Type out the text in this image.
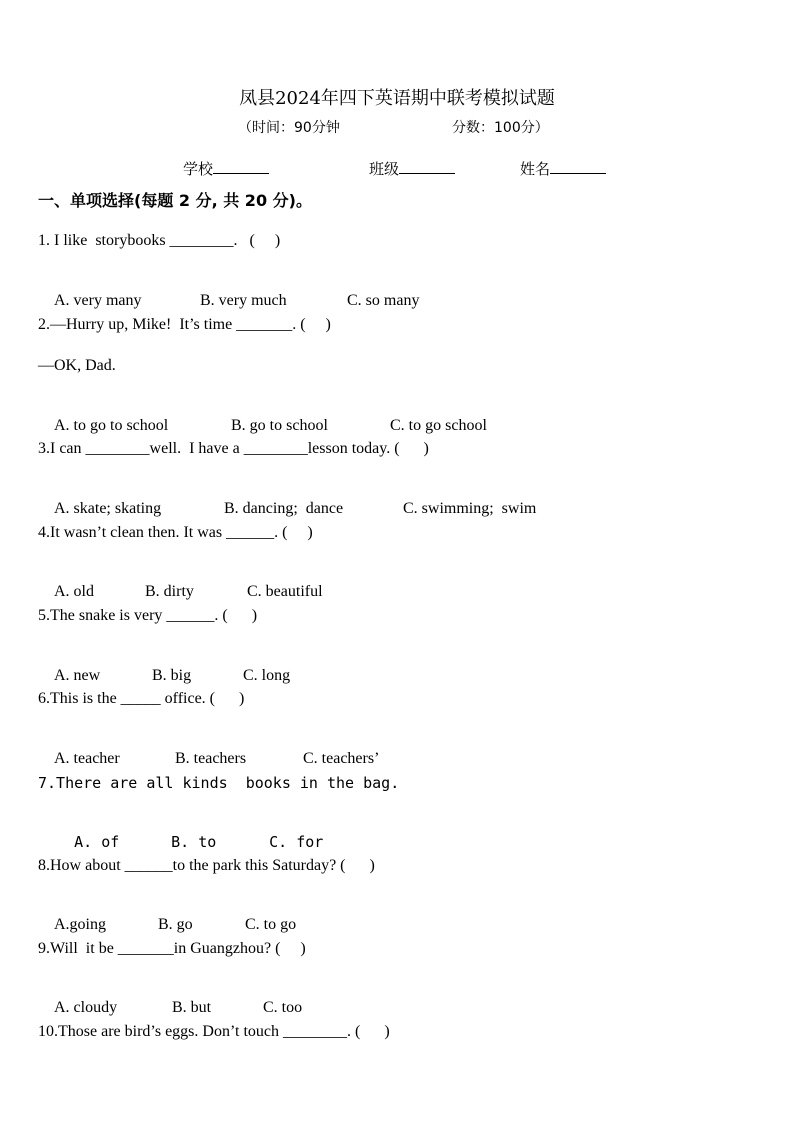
凤县2024年四下英语期中联考模拟试题
（时间：90分钟	分数：100分）
学校	班级	姓名
一、单项选择(每题 2 分, 共 20 分)。
1. I like  storybooks ________.   (     )

A. very many	B. very much	C. so many

2.—Hurry up, Mike!  It’s time _______. (     )
—OK, Dad.

A. to go to school	B. go to school	C. to go school

3.I can ________well.  I have a ________lesson today. (      )

A. skate; skating	B. dancing;  dance	C. swimming;  swim

4.It wasn’t clean then. It was ______. (     )

A. old	B. dirty	C. beautiful

5.The snake is very ______. (      )

A. new	B. big	C. long

6.This is the _____ office. (      )

A. teacher	B. teachers	C. teachers’

7.There are all kinds  books in the bag.

A. of	B. to	C. for

8.How about ______to the park this Saturday? (      )

A.going	B. go	C. to go

9.Will  it be _______in Guangzhou? (     )

A. cloudy	B. but	C. too

10.Those are bird’s eggs. Don’t touch ________. (      )
